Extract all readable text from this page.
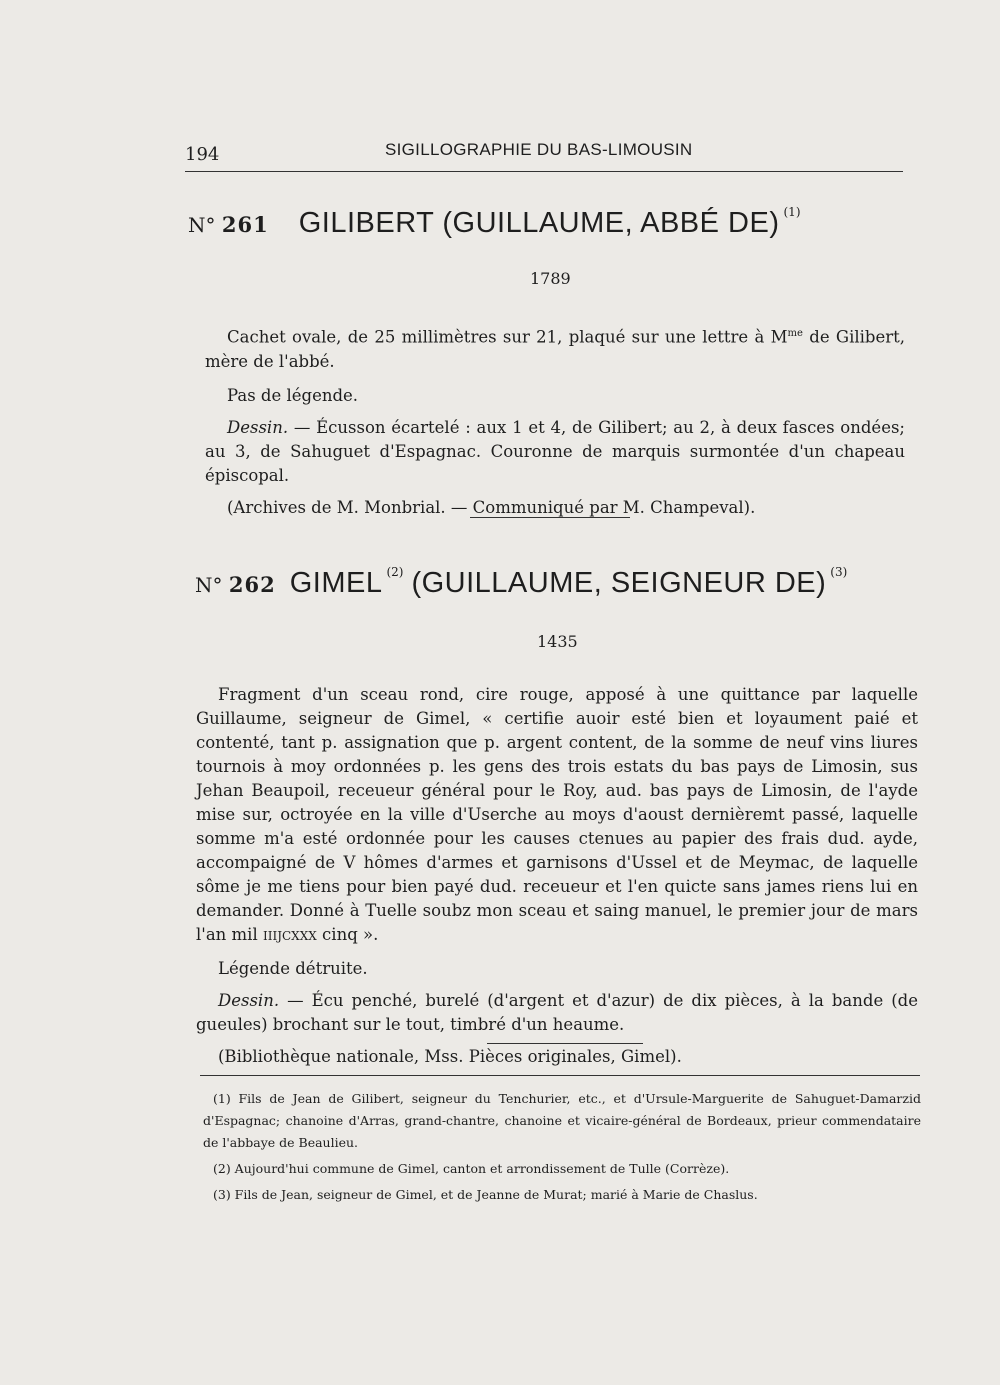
194	SIGILLOGRAPHIE DU BAS-LIMOUSIN
N° 261 GILIBERT (GUILLAUME, ABBÉ DE) $^{(1)}$
1789

Cachet ovale, de 25 millimètres sur 21, plaqué sur une lettre à $M^{me}$ de Gilibert, mère de l'abbé.

Pas de légende.

Dessin. — Écusson écartelé : aux 1 et 4, de Gilibert; au 2, à deux fasces ondées; au 3, de Sahuguet d'Espagnac. Couronne de marquis surmontée d'un chapeau épiscopal.

(Archives de M. Monbrial. — Communiqué par M. Champeval).

N° 262 GIMEL $^{(2)}$ (GUILLAUME, SEIGNEUR DE) $^{(3)}$
1435

Fragment d'un sceau rond, cire rouge, apposé à une quittance par laquelle Guillaume, seigneur de Gimel, « certifie auoir esté bien et loyaument paié et contenté, tant p. assignation que p. argent content, de la somme de neuf vins liures tournois à moy ordonnées p. les gens des trois estats du bas pays de Limosin, sus Jehan Beaupoil, receueur général pour le Roy, aud. bas pays de Limosin, de l'ayde mise sur, octroyée en la ville d'Userche au moys d'aoust dernièremt passé, laquelle somme m'a esté ordonnée pour les causes ctenues au papier des frais dud. ayde, accompaigné de V hômes d'armes et garnisons d'Ussel et de Meymac, de laquelle sôme je me tiens pour bien payé dud. receueur et l'en quicte sans james riens lui en demander. Donné à Tuelle soubz mon sceau et saing manuel, le premier jour de mars l'an mil iiijcxxx cinq ».

Légende détruite.

Dessin. — Écu penché, burelé (d'argent et d'azur) de dix pièces, à la bande (de gueules) brochant sur le tout, timbré d'un heaume.

(Bibliothèque nationale, Mss. Pièces originales, Gimel).

(1) Fils de Jean de Gilibert, seigneur du Tenchurier, etc., et d'Ursule-Marguerite de Sahuguet-Damarzid d'Espagnac; chanoine d'Arras, grand-chantre, chanoine et vicaire-général de Bordeaux, prieur commendataire de l'abbaye de Beaulieu.

(2) Aujourd'hui commune de Gimel, canton et arrondissement de Tulle (Corrèze).

(3) Fils de Jean, seigneur de Gimel, et de Jeanne de Murat; marié à Marie de Chaslus.
